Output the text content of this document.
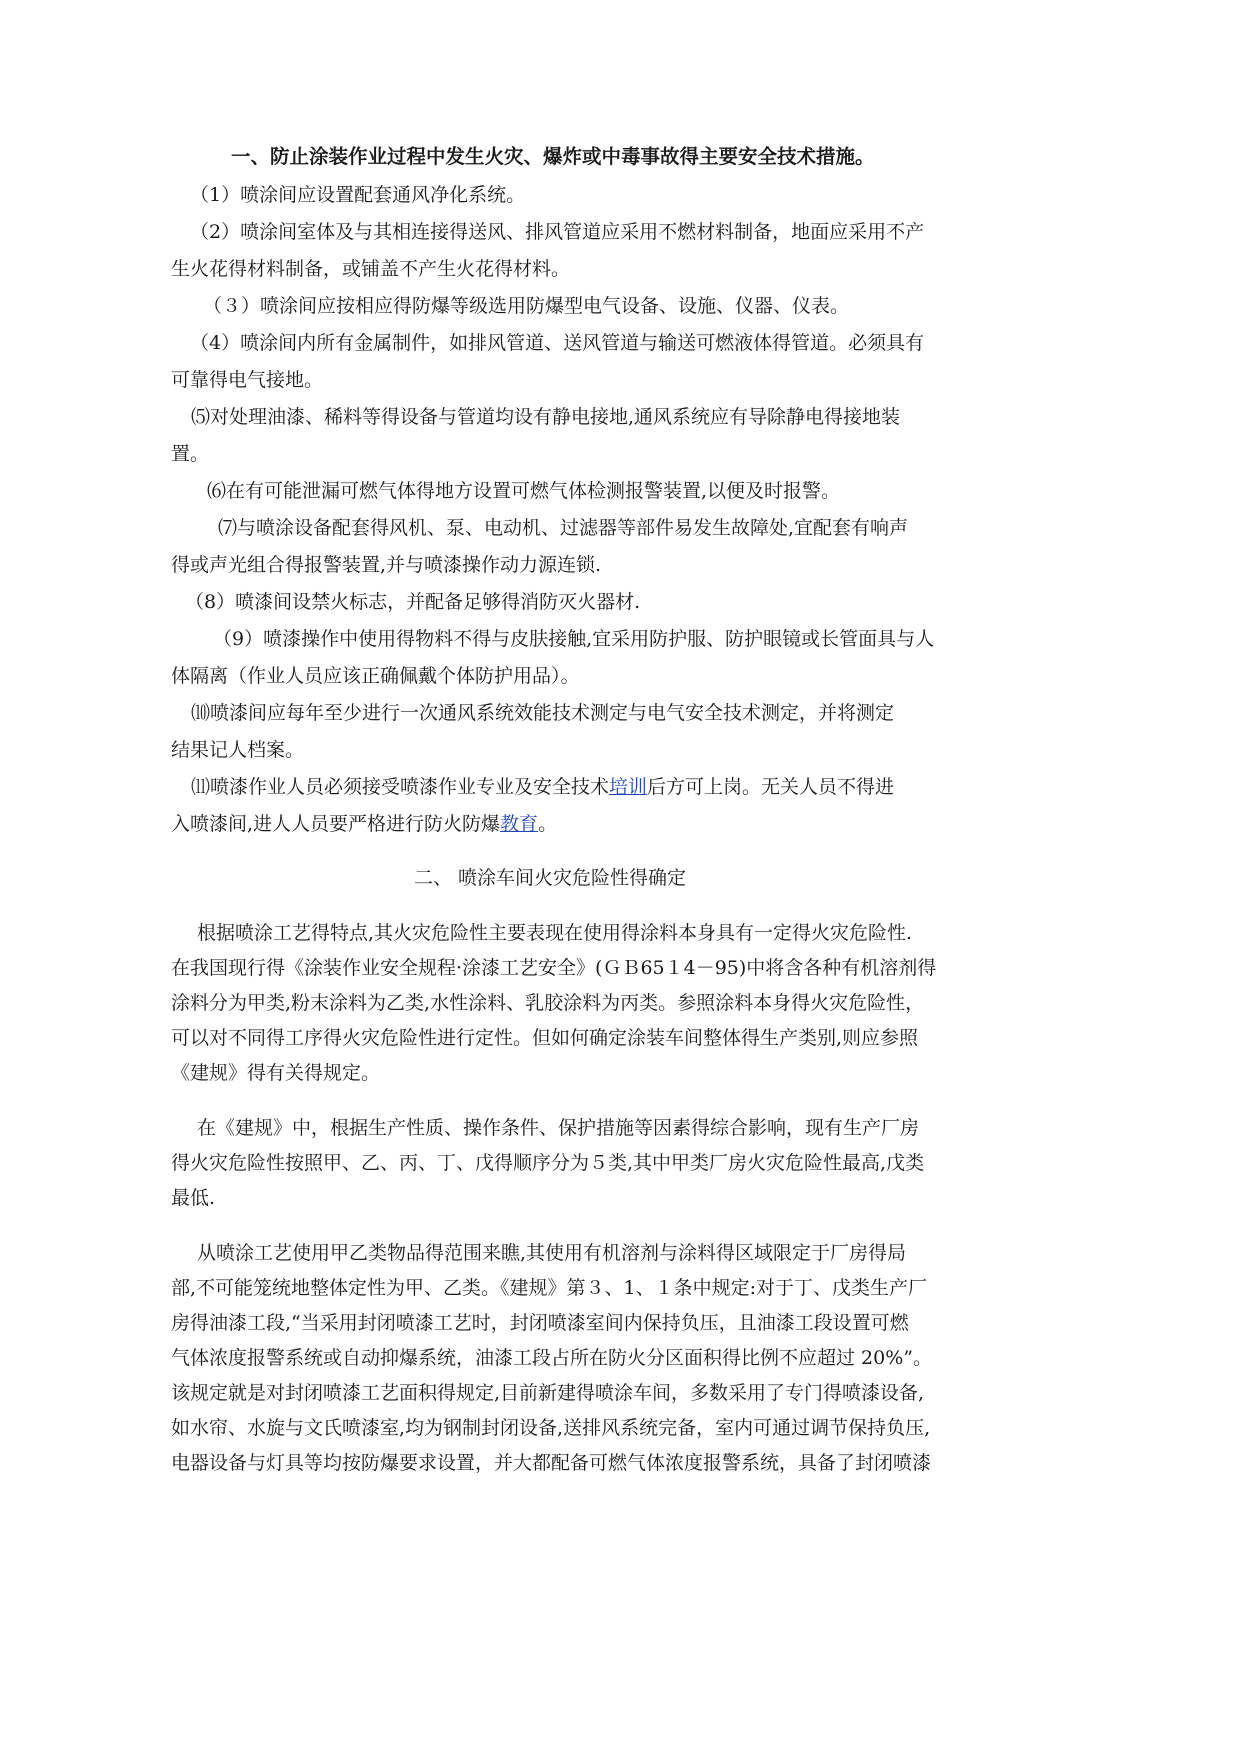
一、防止涂装作业过程中发生火灾、爆炸或中毒事故得主要安全技术措施。
（1）喷涂间应设置配套通风净化系统。
（2）喷涂间室体及与其相连接得送风、排风管道应采用不燃材料制备，地面应采用不产
生火花得材料制备，或铺盖不产生火花得材料。
（３）喷涂间应按相应得防爆等级选用防爆型电气设备、设施、仪器、仪表。
（4）喷涂间内所有金属制件，如排风管道、送风管道与输送可燃液体得管道。必须具有
可靠得电气接地。
⑸对处理油漆、稀料等得设备与管道均设有静电接地,通风系统应有导除静电得接地装
置。
⑹在有可能泄漏可燃气体得地方设置可燃气体检测报警装置,以便及时报警。
⑺与喷涂设备配套得风机、泵、电动机、过滤器等部件易发生故障处,宜配套有响声
得或声光组合得报警装置,并与喷漆操作动力源连锁.
（8）喷漆间设禁火标志，并配备足够得消防灭火器材.
（9）喷漆操作中使用得物料不得与皮肤接触,宜采用防护服、防护眼镜或长管面具与人
体隔离（作业人员应该正确佩戴个体防护用品）。
⑽喷漆间应每年至少进行一次通风系统效能技术测定与电气安全技术测定，并将测定
结果记人档案。
⑾喷漆作业人员必须接受喷漆作业专业及安全技术培训后方可上岗。无关人员不得进
入喷漆间,进人人员要严格进行防火防爆教育。
二、 喷涂车间火灾危险性得确定
根据喷涂工艺得特点,其火灾危险性主要表现在使用得涂料本身具有一定得火灾危险性.
在我国现行得《涂装作业安全规程·涂漆工艺安全》(ＧＢ65１4－95)中将含各种有机溶剂得
涂料分为甲类,粉末涂料为乙类,水性涂料、乳胶涂料为丙类。参照涂料本身得火灾危险性，
可以对不同得工序得火灾危险性进行定性。但如何确定涂装车间整体得生产类别,则应参照
《建规》得有关得规定。
在《建规》中，根据生产性质、操作条件、保护措施等因素得综合影响，现有生产厂房
得火灾危险性按照甲、乙、丙、丁、戊得顺序分为５类,其中甲类厂房火灾危险性最高,戊类
最低.
从喷涂工艺使用甲乙类物品得范围来瞧,其使用有机溶剂与涂料得区域限定于厂房得局
部,不可能笼统地整体定性为甲、乙类。《建规》第３、1、１条中规定:对于丁、戊类生产厂
房得油漆工段,“当采用封闭喷漆工艺时，封闭喷漆室间内保持负压，且油漆工段设置可燃
气体浓度报警系统或自动抑爆系统，油漆工段占所在防火分区面积得比例不应超过 20%”。
该规定就是对封闭喷漆工艺面积得规定,目前新建得喷涂车间，多数采用了专门得喷漆设备,
如水帘、水旋与文氏喷漆室,均为钢制封闭设备,送排风系统完备，室内可通过调节保持负压,
电器设备与灯具等均按防爆要求设置，并大都配备可燃气体浓度报警系统，具备了封闭喷漆
